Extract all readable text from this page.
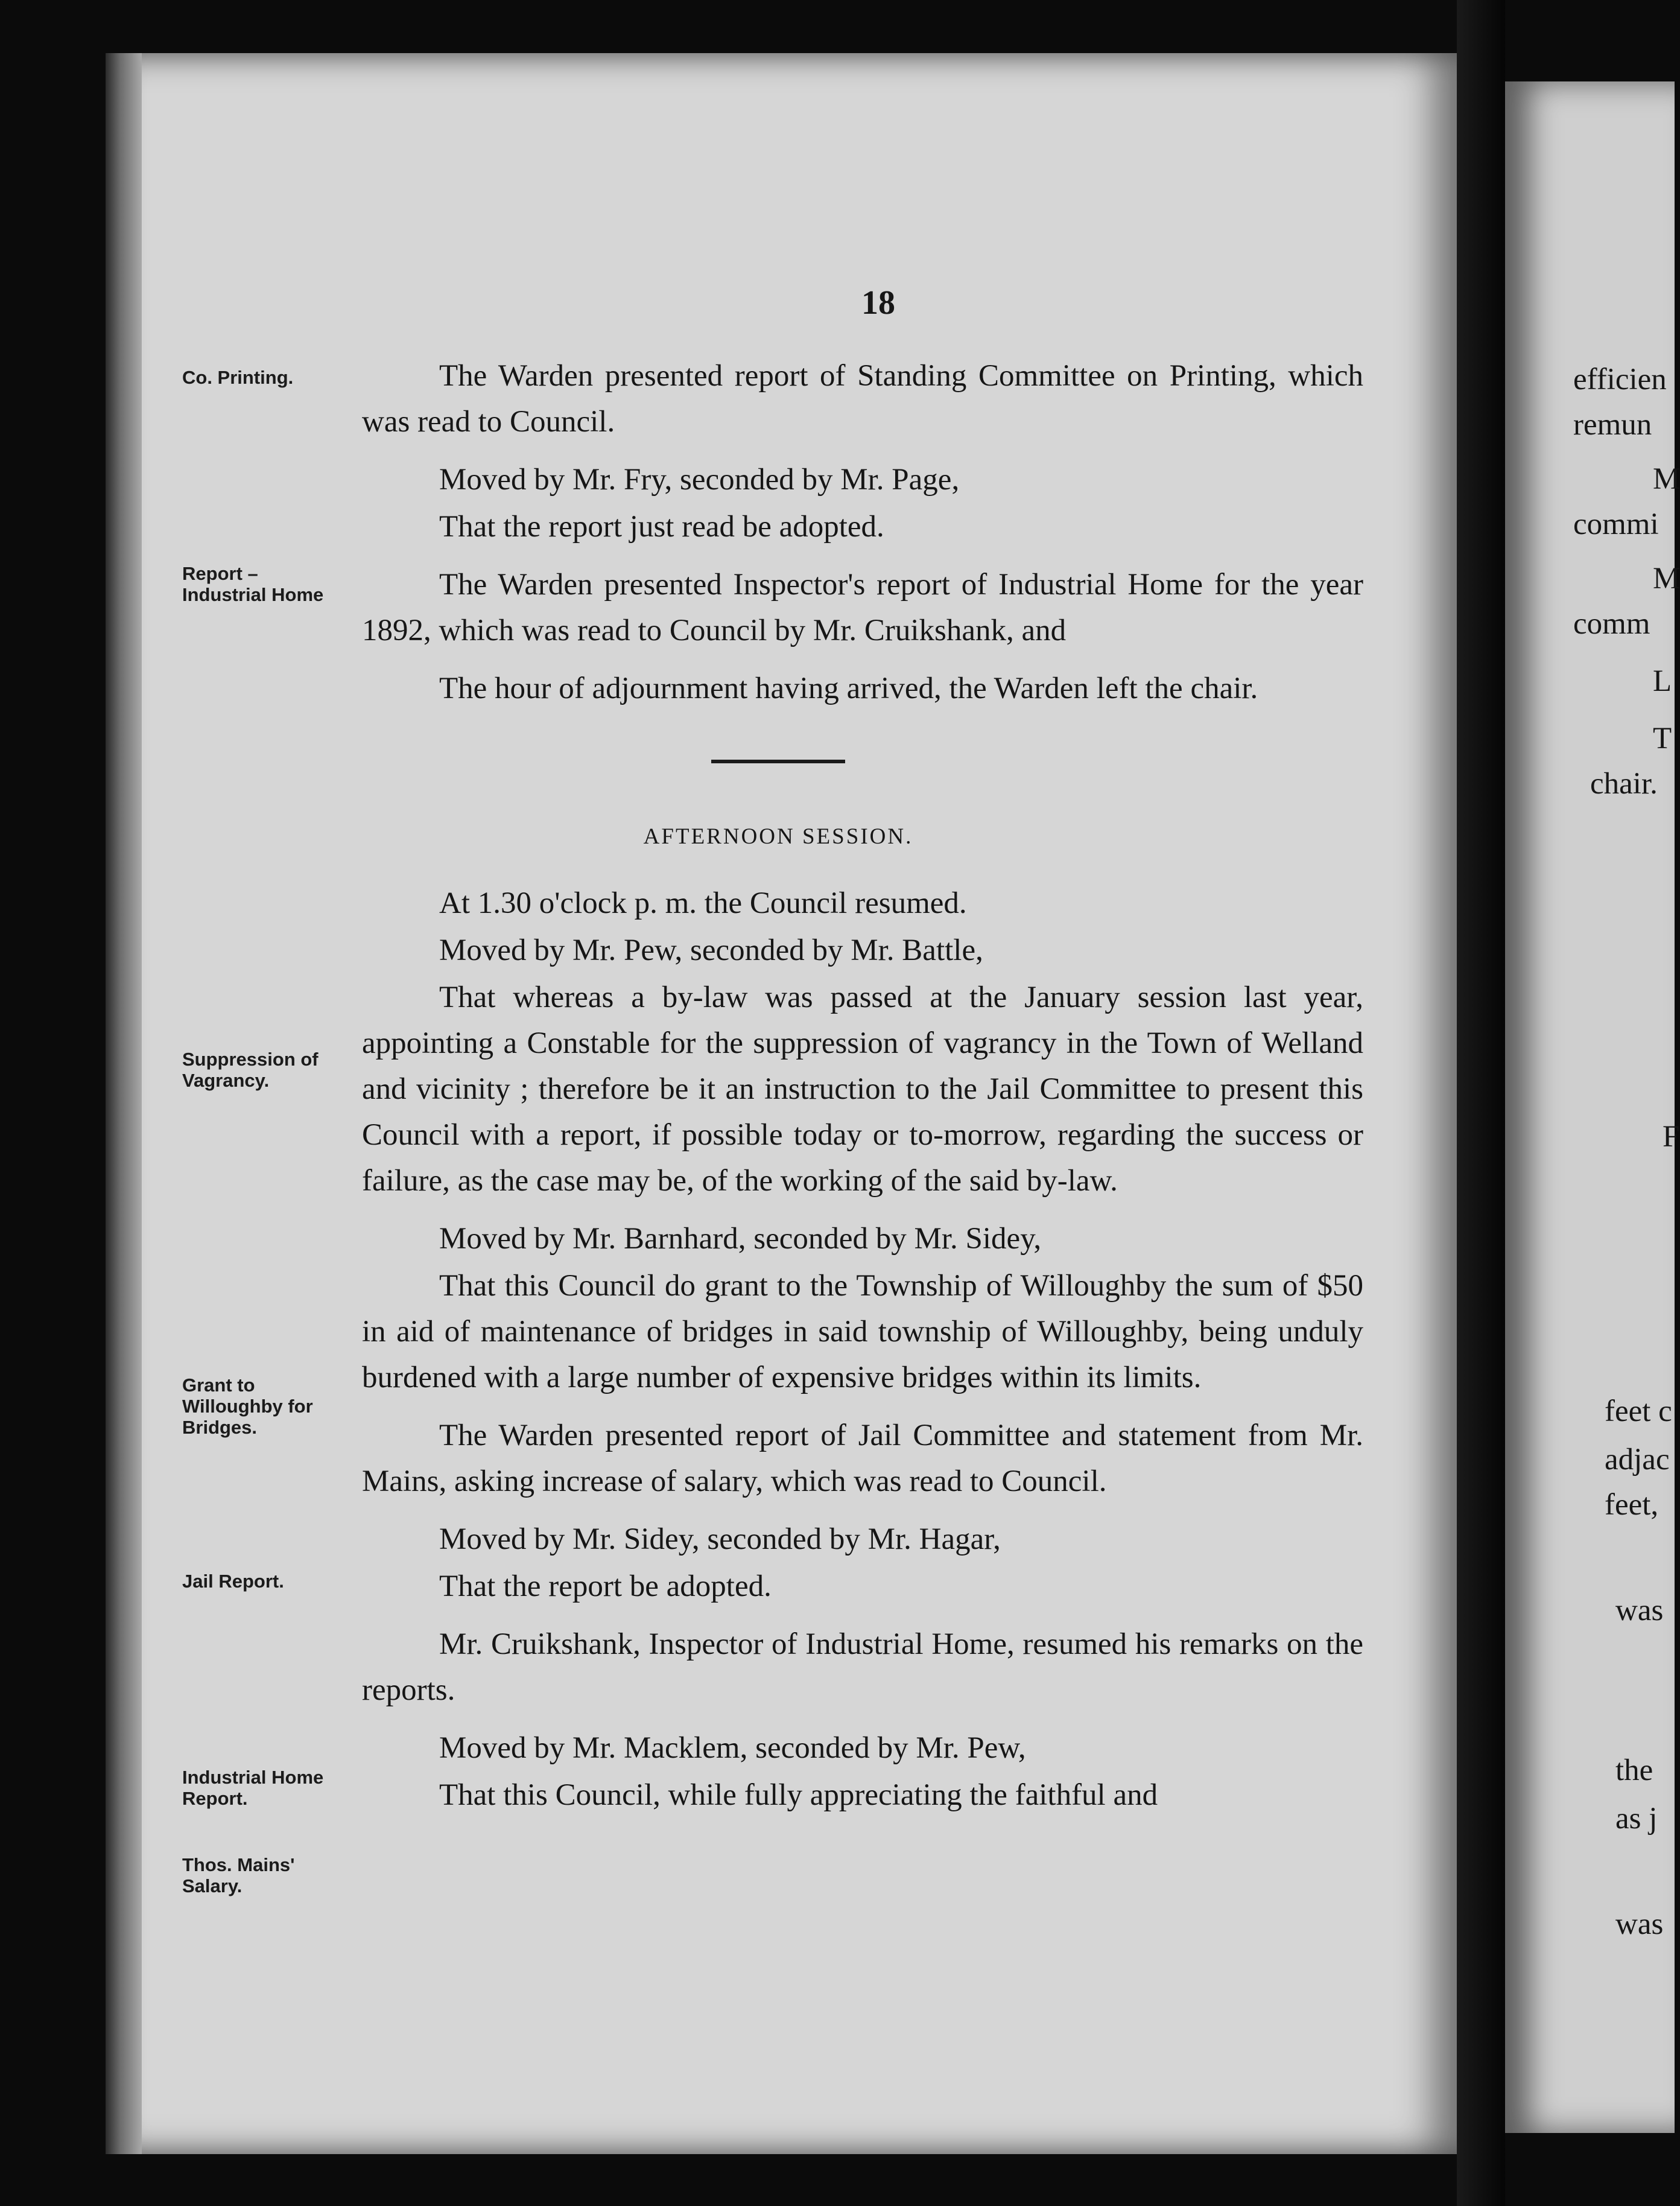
18
Co. Printing.
Report –
Industrial Home
Suppression of
Vagrancy.
Grant to
Willoughby for
Bridges.
Jail Report.
Industrial Home
Report.
Thos. Mains'
Salary.

The Warden presented report of Standing Committee on Printing, which was read to Council.

Moved by Mr. Fry, seconded by Mr. Page,

That the report just read be adopted.

The Warden presented Inspector's report of Industrial Home for the year 1892, which was read to Council by Mr. Cruikshank, and

The hour of adjournment having arrived, the Warden left the chair.

AFTERNOON SESSION.

At 1.30 o'clock p. m. the Council resumed.

Moved by Mr. Pew, seconded by Mr. Battle,

That whereas a by-law was passed at the January session last year, appointing a Constable for the suppression of vagrancy in the Town of Welland and vicinity ; therefore be it an instruction to the Jail Committee to present this Council with a report, if possible today or to-morrow, regarding the success or failure, as the case may be, of the working of the said by-law.

Moved by Mr. Barnhard, seconded by Mr. Sidey,

That this Council do grant to the Township of Willoughby the sum of $50 in aid of maintenance of bridges in said township of Willoughby, being unduly burdened with a large number of expensive bridges within its limits.

The Warden presented report of Jail Committee and statement from Mr. Mains, asking increase of salary, which was read to Council.

Moved by Mr. Sidey, seconded by Mr. Hagar,

That the report be adopted.

Mr. Cruikshank, Inspector of Industrial Home, resumed his remarks on the reports.

Moved by Mr. Macklem, seconded by Mr. Pew,

That this Council, while fully appreciating the faithful and

efficien
remun
M
commi
M
comm
L
T
chair.
F
feet c
adjac
feet,
was
the
as j
was
